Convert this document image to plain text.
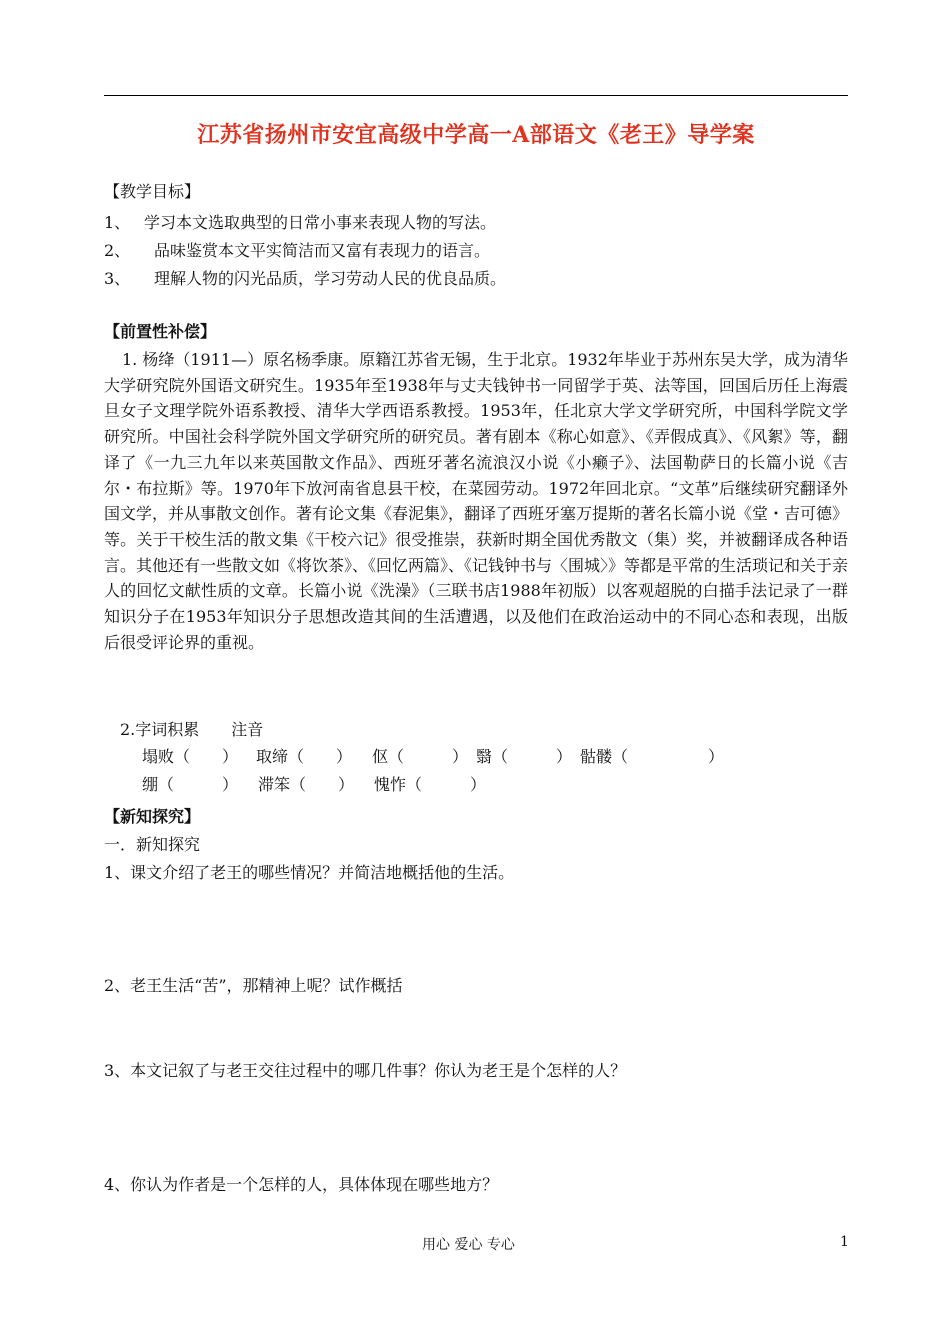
江苏省扬州市安宜高级中学高一A部语文《老王》导学案
【教学目标】
1、 学习本文选取典型的日常小事来表现人物的写法。
2、 品味鉴赏本文平实简洁而又富有表现力的语言。
3、 理解人物的闪光品质，学习劳动人民的优良品质。
【前置性补偿】

1. 杨绛（1911—）原名杨季康。原籍江苏省无锡，生于北京。1932年毕业于苏州东吴大学，成为清华大学研究院外国语文研究生。1935年至1938年与丈夫钱钟书一同留学于英、法等国，回国后历任上海震旦女子文理学院外语系教授、清华大学西语系教授。1953年，任北京大学文学研究所，中国科学院文学研究所。中国社会科学院外国文学研究所的研究员。著有剧本《称心如意》、《弄假成真》、《风絮》等，翻译了《一九三九年以来英国散文作品》、西班牙著名流浪汉小说《小癞子》、法国勒萨日的长篇小说《吉尔・布拉斯》等。1970年下放河南省息县干校，在菜园劳动。1972年回北京。“文革”后继续研究翻译外国文学，并从事散文创作。著有论文集《春泥集》，翻译了西班牙塞万提斯的著名长篇小说《堂・吉可德》等。关于干校生活的散文集《干校六记》很受推崇，获新时期全国优秀散文（集）奖，并被翻译成各种语言。其他还有一些散文如《将饮茶》、《回忆两篇》、《记钱钟书与〈围城〉》等都是平常的生活琐记和关于亲人的回忆文献性质的文章。长篇小说《洗澡》（三联书店1988年初版）以客观超脱的白描手法记录了一群知识分子在1953年知识分子思想改造其间的生活遭遇，以及他们在政治运动中的不同心态和表现，出版后很受评论界的重视。

2.字词积累　　注音
塌败（　　） 取缔（　　） 伛（　　　） 翳（　　　） 骷髅（　　　　　）
绷（　　　） 滞笨（　　） 愧怍（　　　）
【新知探究】
一．新知探究
1、课文介绍了老王的哪些情况？并简洁地概括他的生活。
2、老王生活“苦”，那精神上呢？试作概括
3、本文记叙了与老王交往过程中的哪几件事？你认为老王是个怎样的人？
4、你认为作者是一个怎样的人，具体体现在哪些地方？
用心 爱心 专心	1
